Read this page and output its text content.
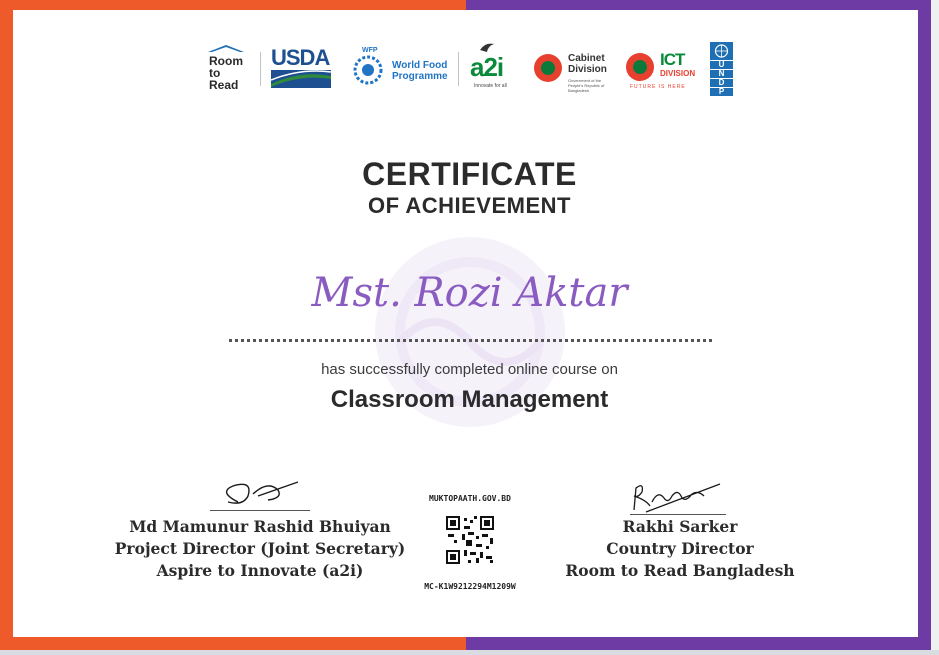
Room
to
Read
USDA	WFP
World Food
Programme a2i
Innovate for all
Cabinet
Division
Government of the People's Republic of Bangladesh
ICT
DIVISION
FUTURE IS HERE
U
N
D
P
CERTIFICATE
OF ACHIEVEMENT
Mst. Rozi Aktar
has successfully completed online course on
Classroom Management
Md Mamunur Rashid Bhuiyan
Project Director (Joint Secretary)
Aspire to Innovate (a2i)
MUKTOPAATH.GOV.BD
MC-K1W9212294M1209W
Rakhi Sarker
Country Director
Room to Read Bangladesh
